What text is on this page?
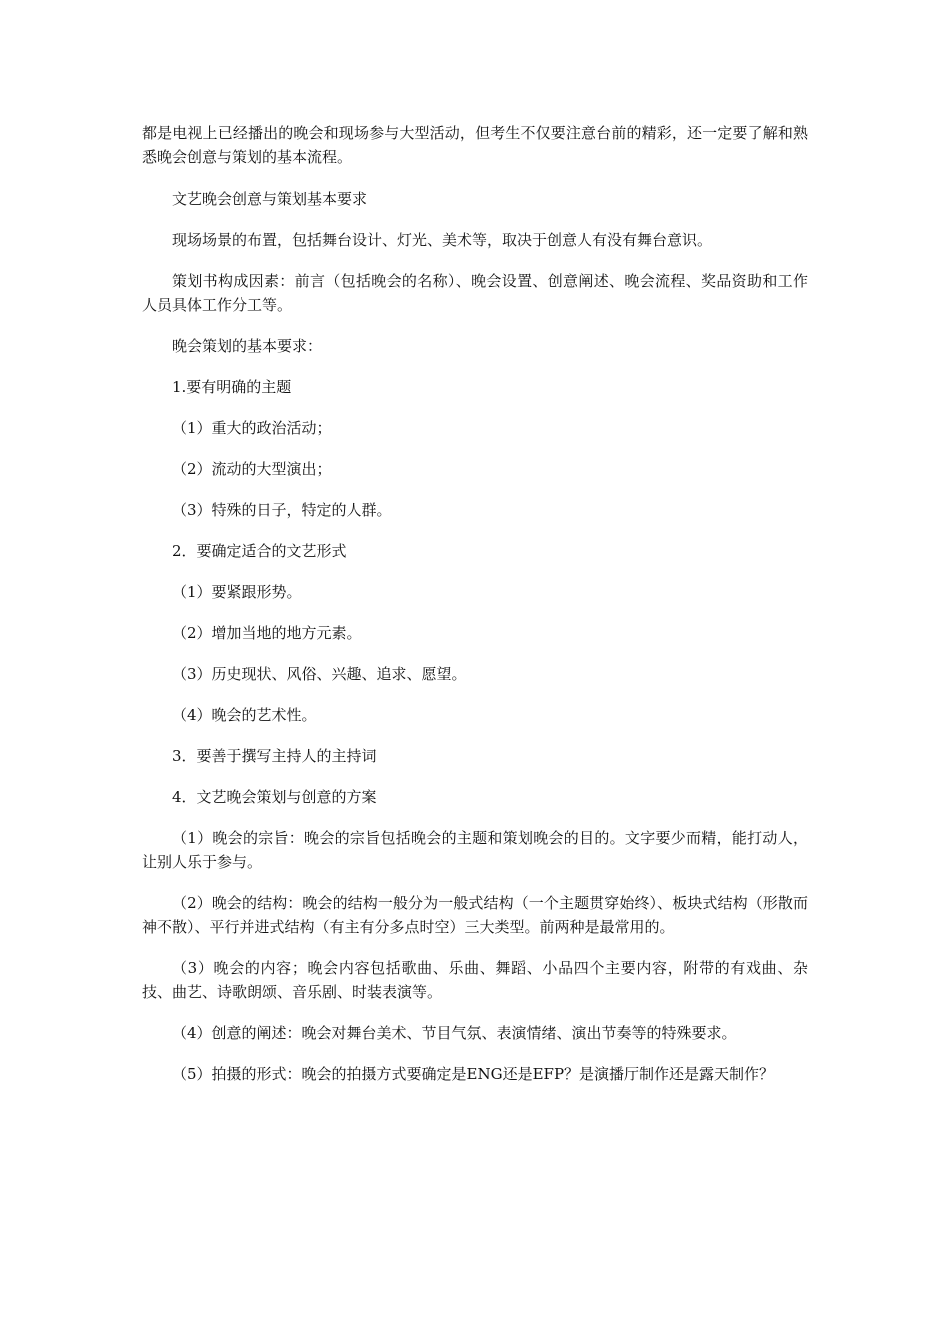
都是电视上已经播出的晚会和现场参与大型活动，但考生不仅要注意台前的精彩，还一定要了解和熟悉晚会创意与策划的基本流程。

文艺晚会创意与策划基本要求

现场场景的布置，包括舞台设计、灯光、美术等，取决于创意人有没有舞台意识。

策划书构成因素：前言（包括晚会的名称）、晚会设置、创意阐述、晚会流程、奖品资助和工作人员具体工作分工等。

晚会策划的基本要求：

1.要有明确的主题

（1）重大的政治活动；

（2）流动的大型演出；

（3）特殊的日子，特定的人群。

2．要确定适合的文艺形式

（1）要紧跟形势。

（2）增加当地的地方元素。

（3）历史现状、风俗、兴趣、追求、愿望。

（4）晚会的艺术性。

3．要善于撰写主持人的主持词

4．文艺晚会策划与创意的方案

（1）晚会的宗旨：晚会的宗旨包括晚会的主题和策划晚会的目的。文字要少而精，能打动人，让别人乐于参与。

（2）晚会的结构：晚会的结构一般分为一般式结构（一个主题贯穿始终）、板块式结构（形散而神不散）、平行并进式结构（有主有分多点时空）三大类型。前两种是最常用的。

（3）晚会的内容；晚会内容包括歌曲、乐曲、舞蹈、小品四个主要内容，附带的有戏曲、杂技、曲艺、诗歌朗颂、音乐剧、时装表演等。

（4）创意的阐述：晚会对舞台美术、节目气氛、表演情绪、演出节奏等的特殊要求。

（5）拍摄的形式：晚会的拍摄方式要确定是ENG还是EFP？是演播厅制作还是露天制作？
